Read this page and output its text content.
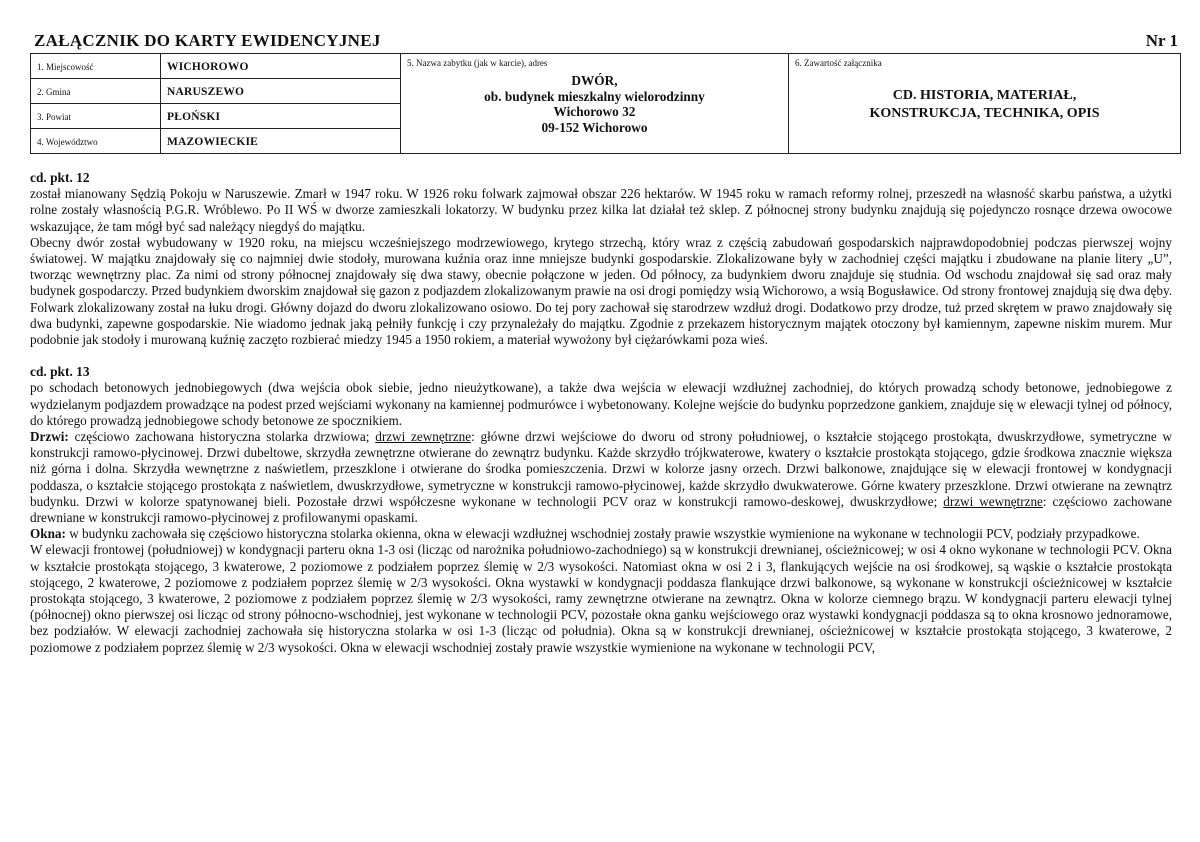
ZAŁĄCZNIK DO KARTY EWIDENCYJNEJ	Nr 1
1. Miejscowość	WICHOROWO	5. Nazwa zabytku (jak w karcie), adres
DWÓR,
ob. budynek mieszkalny wielorodzinny
Wichorowo 32
09-152 Wichorowo	6. Zawartość załącznika
CD. HISTORIA, MATERIAŁ,
KONSTRUKCJA, TECHNIKA, OPIS

2. Gmina	NARUSZEWO		
3. Powiat	PŁOŃSKI		
4. Województwo	MAZOWIECKIE		

cd. pkt. 12

został mianowany Sędzią Pokoju w Naruszewie. Zmarł w 1947 roku. W 1926 roku folwark zajmował obszar 226 hektarów. W 1945 roku w ramach reformy rolnej, przeszedł na własność skarbu państwa, a użytki rolne zostały własnością P.G.R. Wróblewo. Po II WŚ w dworze zamieszkali lokatorzy. W budynku przez kilka lat działał też sklep. Z północnej strony budynku znajdują się pojedynczo rosnące drzewa owocowe wskazujące, że tam mógł być sad należący niegdyś do majątku.

Obecny dwór został wybudowany w 1920 roku, na miejscu wcześniejszego modrzewiowego, krytego strzechą, który wraz z częścią zabudowań gospodarskich najprawdopodobniej podczas pierwszej wojny światowej. W majątku znajdowały się co najmniej dwie stodoły, murowana kuźnia oraz inne mniejsze budynki gospodarskie. Zlokalizowane były w zachodniej części majątku i zbudowane na planie litery „U”, tworząc wewnętrzny plac. Za nimi od strony północnej znajdowały się dwa stawy, obecnie połączone w jeden. Od północy, za budynkiem dworu znajduje się studnia. Od wschodu znajdował się sad oraz mały budynek gospodarczy. Przed budynkiem dworskim znajdował się gazon z podjazdem zlokalizowanym prawie na osi drogi pomiędzy wsią Wichorowo, a wsią Bogusławice. Od strony frontowej znajdują się dwa dęby. Folwark zlokalizowany został na łuku drogi. Główny dojazd do dworu zlokalizowano osiowo. Do tej pory zachował się starodrzew wzdłuż drogi. Dodatkowo przy drodze, tuż przed skrętem w prawo znajdowały się dwa budynki, zapewne gospodarskie. Nie wiadomo jednak jaką pełniły funkcję i czy przynależały do majątku. Zgodnie z przekazem historycznym majątek otoczony był kamiennym, zapewne niskim murem. Mur podobnie jak stodoły i murowaną kuźnię zaczęto rozbierać miedzy 1945 a 1950 rokiem, a materiał wywożony był ciężarówkami poza wieś.

cd. pkt. 13

po schodach betonowych jednobiegowych (dwa wejścia obok siebie, jedno nieużytkowane), a także dwa wejścia w elewacji wzdłużnej zachodniej, do których prowadzą schody betonowe, jednobiegowe z wydzielanym podjazdem prowadzące na podest przed wejściami wykonany na kamiennej podmurówce i wybetonowany. Kolejne wejście do budynku poprzedzone gankiem, znajduje się w elewacji tylnej od północy, do którego prowadzą jednobiegowe schody betonowe ze spocznikiem.

Drzwi: częściowo zachowana historyczna stolarka drzwiowa; drzwi zewnętrzne: główne drzwi wejściowe do dworu od strony południowej, o kształcie stojącego prostokąta, dwuskrzydłowe, symetryczne w konstrukcji ramowo-płycinowej. Drzwi dubeltowe, skrzydła zewnętrzne otwierane do zewnątrz budynku. Każde skrzydło trójkwaterowe, kwatery o kształcie prostokąta stojącego, gdzie środkowa znacznie większa niż górna i dolna. Skrzydła wewnętrzne z naświetlem, przeszklone i otwierane do środka pomieszczenia. Drzwi w kolorze jasny orzech. Drzwi balkonowe, znajdujące się w elewacji frontowej w kondygnacji poddasza, o kształcie stojącego prostokąta z naświetlem, dwuskrzydłowe, symetryczne w konstrukcji ramowo-płycinowej, każde skrzydło dwukwaterowe. Górne kwatery przeszklone. Drzwi otwierane na zewnątrz budynku. Drzwi w kolorze spatynowanej bieli. Pozostałe drzwi współczesne wykonane w technologii PCV oraz w konstrukcji ramowo-deskowej, dwuskrzydłowe; drzwi wewnętrzne: częściowo zachowane drewniane w konstrukcji ramowo-płycinowej z profilowanymi opaskami.

Okna: w budynku zachowała się częściowo historyczna stolarka okienna, okna w elewacji wzdłużnej wschodniej zostały prawie wszystkie wymienione na wykonane w technologii PCV, podziały przypadkowe.

W elewacji frontowej (południowej) w kondygnacji parteru okna 1-3 osi (licząc od narożnika południowo-zachodniego) są w konstrukcji drewnianej, ościeżnicowej; w osi 4 okno wykonane w technologii PCV. Okna w kształcie prostokąta stojącego, 3 kwaterowe, 2 poziomowe z podziałem poprzez ślemię w 2/3 wysokości. Natomiast okna w osi 2 i 3, flankujących wejście na osi środkowej, są wąskie o kształcie prostokąta stojącego, 2 kwaterowe, 2 poziomowe z podziałem poprzez ślemię w 2/3 wysokości. Okna wystawki w kondygnacji poddasza flankujące drzwi balkonowe, są wykonane w konstrukcji ościeżnicowej w kształcie prostokąta stojącego, 3 kwaterowe, 2 poziomowe z podziałem poprzez ślemię w 2/3 wysokości, ramy zewnętrzne otwierane na zewnątrz. Okna w kolorze ciemnego brązu. W kondygnacji parteru elewacji tylnej (północnej) okno pierwszej osi licząc od strony północno-wschodniej, jest wykonane w technologii PCV, pozostałe okna ganku wejściowego oraz wystawki kondygnacji poddasza są to okna krosnowo jednoramowe, bez podziałów. W elewacji zachodniej zachowała się historyczna stolarka w osi 1-3 (licząc od południa). Okna są w konstrukcji drewnianej, ościeżnicowej w kształcie prostokąta stojącego, 3 kwaterowe, 2 poziomowe z podziałem poprzez ślemię w 2/3 wysokości. Okna w elewacji wschodniej zostały prawie wszystkie wymienione na wykonane w technologii PCV,
